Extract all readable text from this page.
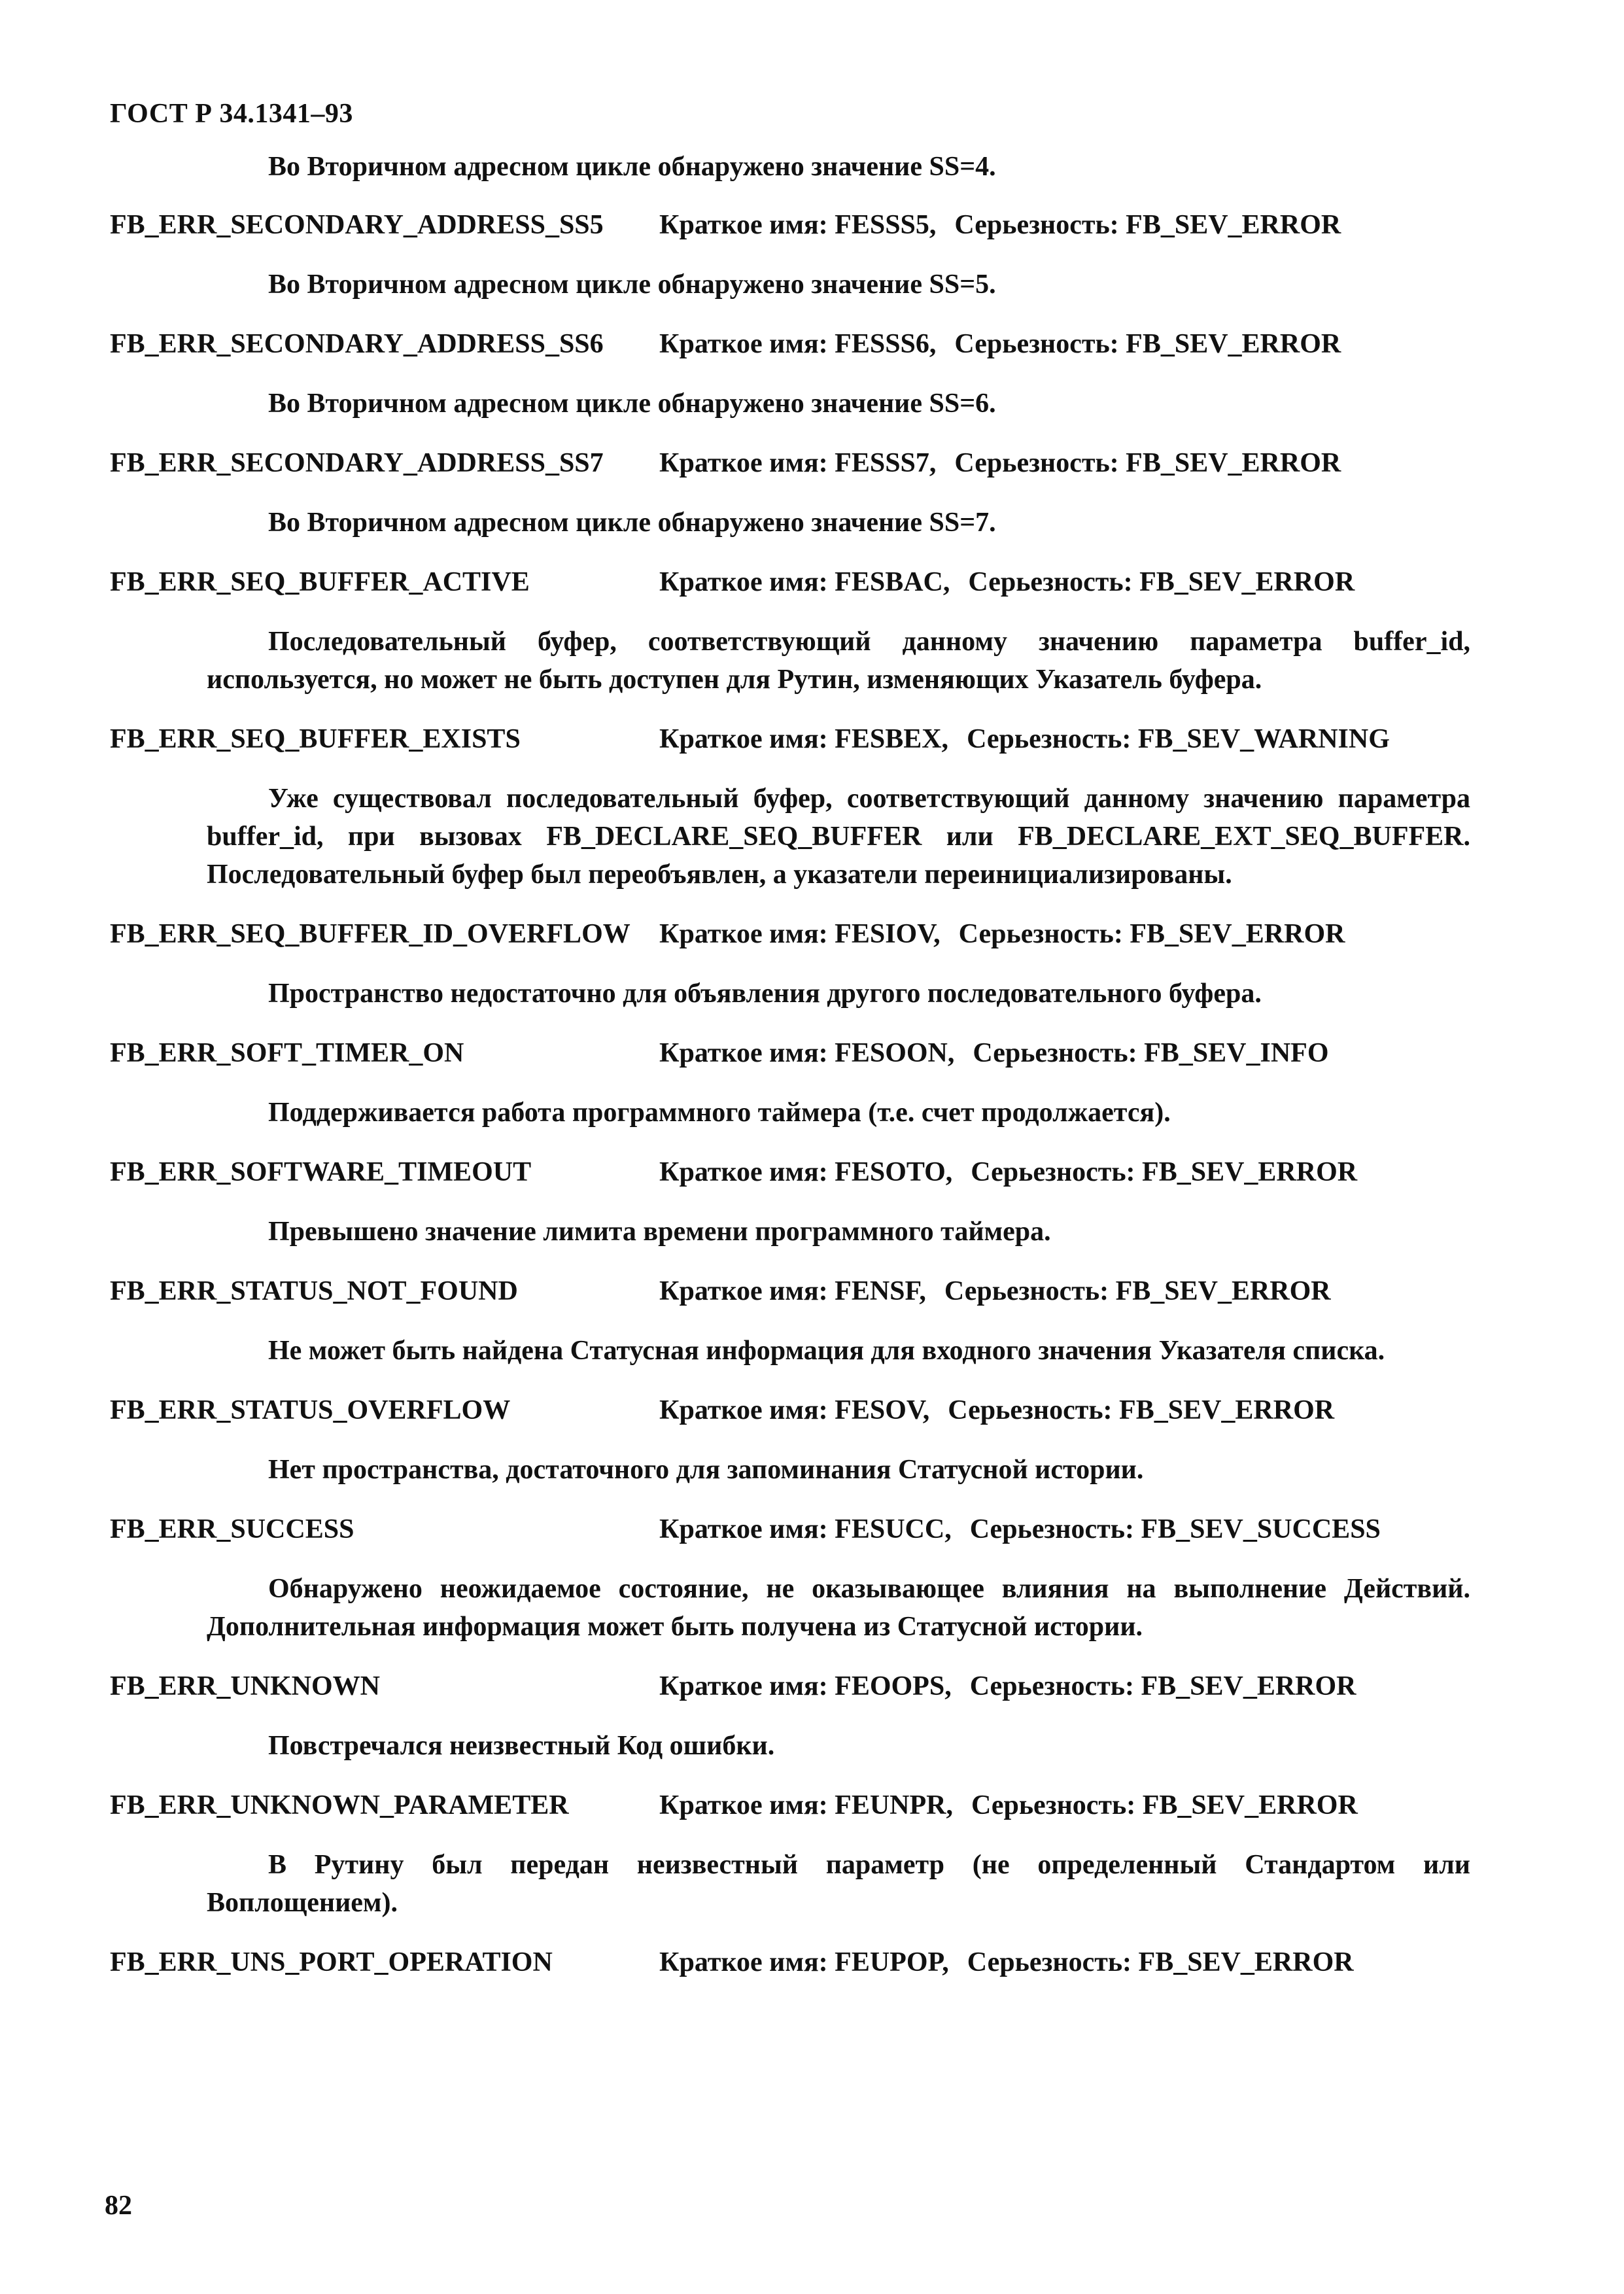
ГОСТ Р 34.1341–93

Во Вторичном адресном цикле обнаружено значение SS=4.

FB_ERR_SECONDARY_ADDRESS_SS5 Краткое имя: FESSS5, Серьезность: FB_SEV_ERROR

Во Вторичном адресном цикле обнаружено значение SS=5.

FB_ERR_SECONDARY_ADDRESS_SS6 Краткое имя: FESSS6, Серьезность: FB_SEV_ERROR

Во Вторичном адресном цикле обнаружено значение SS=6.

FB_ERR_SECONDARY_ADDRESS_SS7 Краткое имя: FESSS7, Серьезность: FB_SEV_ERROR

Во Вторичном адресном цикле обнаружено значение SS=7.

FB_ERR_SEQ_BUFFER_ACTIVE	Краткое имя: FESBAC, Серьезность: FB_SEV_ERROR

Последовательный буфер, соответствующий данному значению параметра buffer_id, используется, но может не быть доступен для Рутин, изменяющих Указатель буфера.

FB_ERR_SEQ_BUFFER_EXISTS	Краткое имя: FESBEX, Серьезность: FB_SEV_WARNING

Уже существовал последовательный буфер, соответствующий данному значению параметра buffer_id, при вызовах FB_DECLARE_SEQ_BUFFER или FB_DECLARE_EXT_SEQ_BUFFER. Последовательный буфер был переобъявлен, а указатели переинициализированы.

FB_ERR_SEQ_BUFFER_ID_OVERFLOW Краткое имя: FESIOV, Серьезность: FB_SEV_ERROR

Пространство недостаточно для объявления другого последовательного буфера.

FB_ERR_SOFT_TIMER_ON	Краткое имя: FESOON, Серьезность: FB_SEV_INFO

Поддерживается работа программного таймера (т.е. счет продолжается).

FB_ERR_SOFTWARE_TIMEOUT	Краткое имя: FESOTO, Серьезность: FB_SEV_ERROR

Превышено значение лимита времени программного таймера.

FB_ERR_STATUS_NOT_FOUND	Краткое имя: FENSF, Серьезность: FB_SEV_ERROR

Не может быть найдена Статусная информация для входного значения Указателя списка.

FB_ERR_STATUS_OVERFLOW	Краткое имя: FESOV, Серьезность: FB_SEV_ERROR

Нет пространства, достаточного для запоминания Статусной истории.

FB_ERR_SUCCESS	Краткое имя: FESUCC, Серьезность: FB_SEV_SUCCESS

Обнаружено неожидаемое состояние, не оказывающее влияния на выполнение Действий. Дополнительная информация может быть получена из Статусной истории.

FB_ERR_UNKNOWN	Краткое имя: FEOOPS, Серьезность: FB_SEV_ERROR

Повстречался неизвестный Код ошибки.

FB_ERR_UNKNOWN_PARAMETER	Краткое имя: FEUNPR, Серьезность: FB_SEV_ERROR

В Рутину был передан неизвестный параметр (не определенный Стандартом или Воплощением).

FB_ERR_UNS_PORT_OPERATION	Краткое имя: FEUPOP, Серьезность: FB_SEV_ERROR
82
